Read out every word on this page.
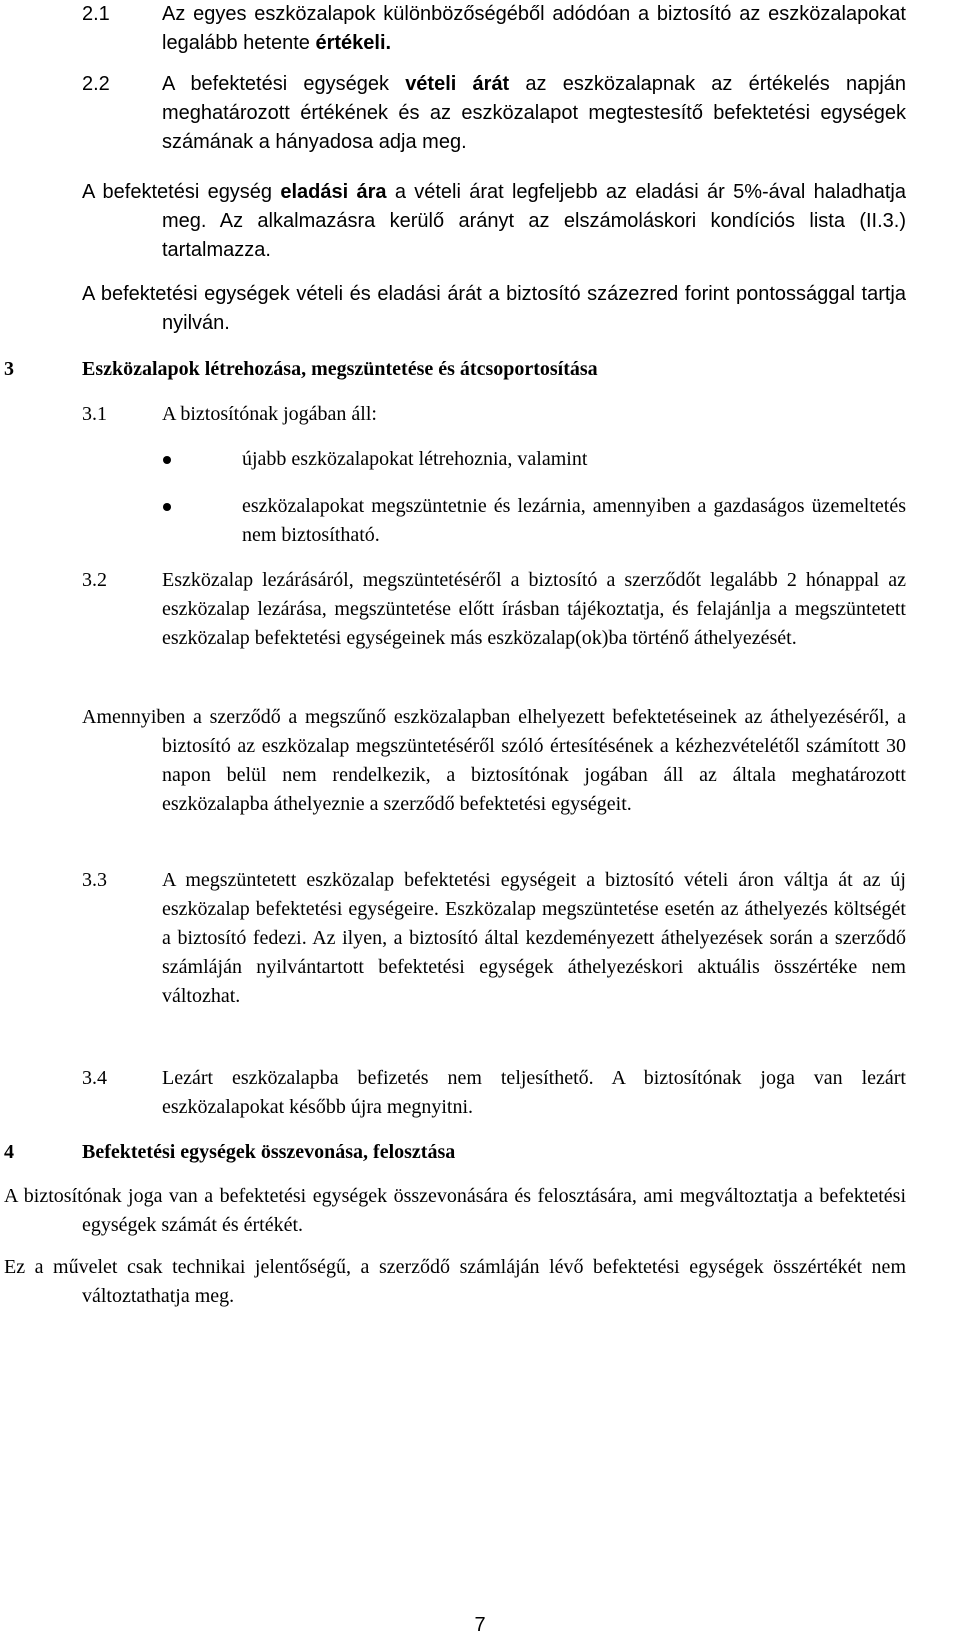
2.1	Az egyes eszközalapok különbözőségéből adódóan a biztosító az eszközalapokat legalább hetente értékeli.
2.2	A befektetési egységek vételi árát az eszközalapnak az értékelés napján meghatározott értékének és az eszközalapot megtestesítő befektetési egységek számának a hányadosa adja meg.
A befektetési egység eladási ára a vételi árat legfeljebb az eladási ár 5%-ával haladhatja meg. Az alkalmazásra kerülő arányt az elszámoláskori kondíciós lista (II.3.) tartalmazza.
A befektetési egységek vételi és eladási árát a biztosító százezred forint pontossággal tartja nyilván.
3	Eszközalapok létrehozása, megszüntetése és átcsoportosítása
3.1	A biztosítónak jogában áll:
újabb eszközalapokat létrehoznia, valamint
eszközalapokat megszüntetnie és lezárnia, amennyiben a gazdaságos üzemeltetés nem biztosítható.
3.2	Eszközalap lezárásáról, megszüntetéséről a biztosító a szerződőt legalább 2 hónappal az eszközalap lezárása, megszüntetése előtt írásban tájékoztatja, és felajánlja a megszüntetett eszközalap befektetési egységeinek más eszközalap(ok)ba történő áthelyezését.
Amennyiben a szerződő a megszűnő eszközalapban elhelyezett befektetéseinek az áthelyezéséről, a biztosító az eszközalap megszüntetéséről szóló értesítésének a kézhezvételétől számított 30 napon belül nem rendelkezik, a biztosítónak jogában áll az általa meghatározott eszközalapba áthelyeznie a szerződő befektetési egységeit.
3.3	A megszüntetett eszközalap befektetési egységeit a biztosító vételi áron váltja át az új eszközalap befektetési egységeire. Eszközalap megszüntetése esetén az áthelyezés költségét a biztosító fedezi. Az ilyen, a biztosító által kezdeményezett áthelyezések során a szerződő számláján nyilvántartott befektetési egységek áthelyezéskori aktuális összértéke nem változhat.
3.4	Lezárt eszközalapba befizetés nem teljesíthető. A biztosítónak joga van lezárt eszközalapokat később újra megnyitni.
4	Befektetési egységek összevonása, felosztása
A biztosítónak joga van a befektetési egységek összevonására és felosztására, ami megváltoztatja a befektetési egységek számát és értékét.
Ez a művelet csak technikai jelentőségű, a szerződő számláján lévő befektetési egységek összértékét nem változtathatja meg.
7
